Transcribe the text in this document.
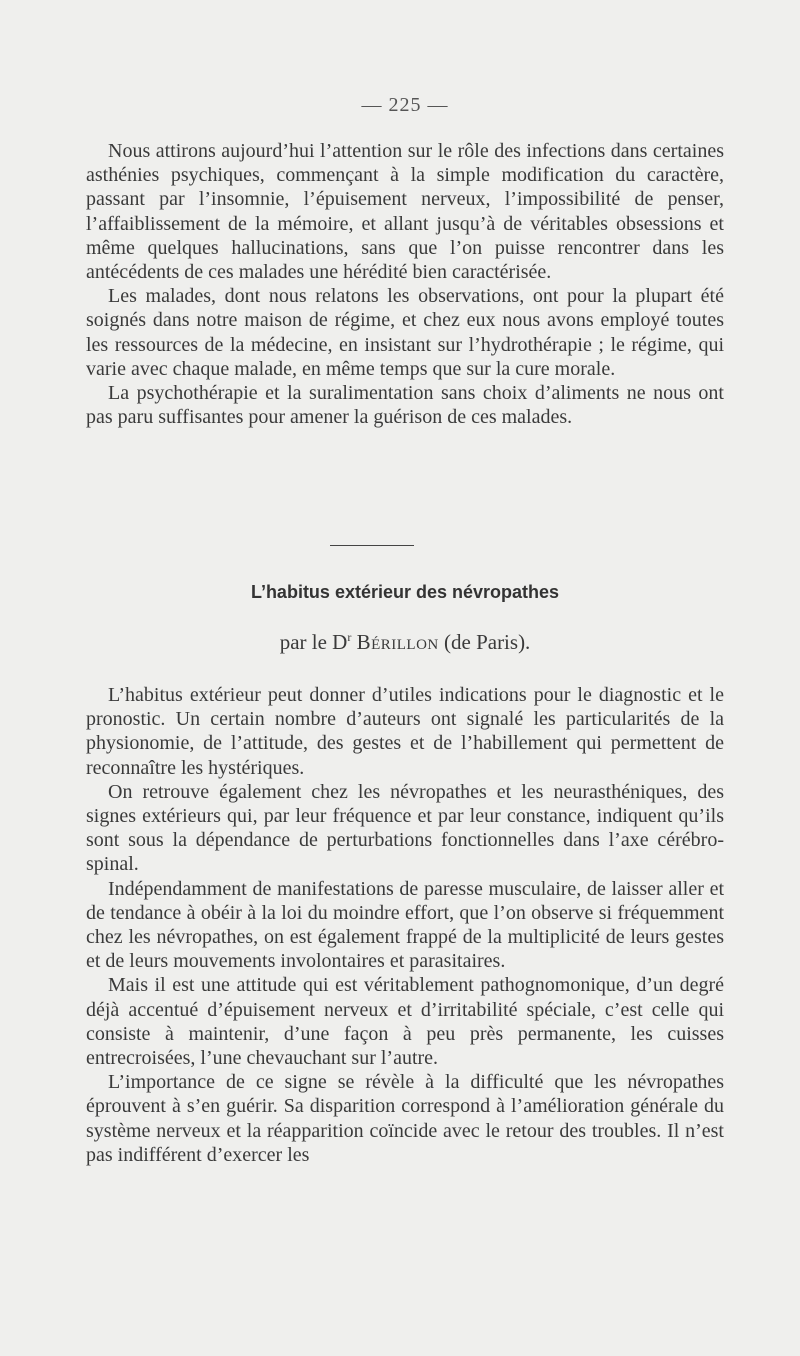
— 225 —

Nous attirons aujourd’hui l’attention sur le rôle des infections dans certaines asthénies psychiques, commençant à la simple modification du caractère, passant par l’insomnie, l’épuisement nerveux, l’impossibilité de penser, l’affaiblissement de la mémoire, et allant jusqu’à de véritables obsessions et même quelques hallucinations, sans que l’on puisse rencontrer dans les antécédents de ces malades une hérédité bien caractérisée.

Les malades, dont nous relatons les observations, ont pour la plupart été soignés dans notre maison de régime, et chez eux nous avons employé toutes les ressources de la médecine, en insistant sur l’hydrothérapie ; le régime, qui varie avec chaque malade, en même temps que sur la cure morale.

La psychothérapie et la suralimentation sans choix d’aliments ne nous ont pas paru suffisantes pour amener la guérison de ces malades.

L’habitus extérieur des névropathes
par le $D^r$ Bérillon (de Paris).

L’habitus extérieur peut donner d’utiles indications pour le diagnostic et le pronostic. Un certain nombre d’auteurs ont signalé les particularités de la physionomie, de l’attitude, des gestes et de l’habillement qui permettent de reconnaître les hystériques.

On retrouve également chez les névropathes et les neurasthéniques, des signes extérieurs qui, par leur fréquence et par leur constance, indiquent qu’ils sont sous la dépendance de perturbations fonctionnelles dans l’axe cérébro-spinal.

Indépendamment de manifestations de paresse musculaire, de laisser aller et de tendance à obéir à la loi du moindre effort, que l’on observe si fréquemment chez les névropathes, on est également frappé de la multiplicité de leurs gestes et de leurs mouvements involontaires et parasitaires.

Mais il est une attitude qui est véritablement pathognomonique, d’un degré déjà accentué d’épuisement nerveux et d’irritabilité spéciale, c’est celle qui consiste à maintenir, d’une façon à peu près permanente, les cuisses entrecroisées, l’une chevauchant sur l’autre.

L’importance de ce signe se révèle à la difficulté que les névropathes éprouvent à s’en guérir. Sa disparition correspond à l’amélioration générale du système nerveux et la réapparition coïncide avec le retour des troubles. Il n’est pas indifférent d’exercer les
